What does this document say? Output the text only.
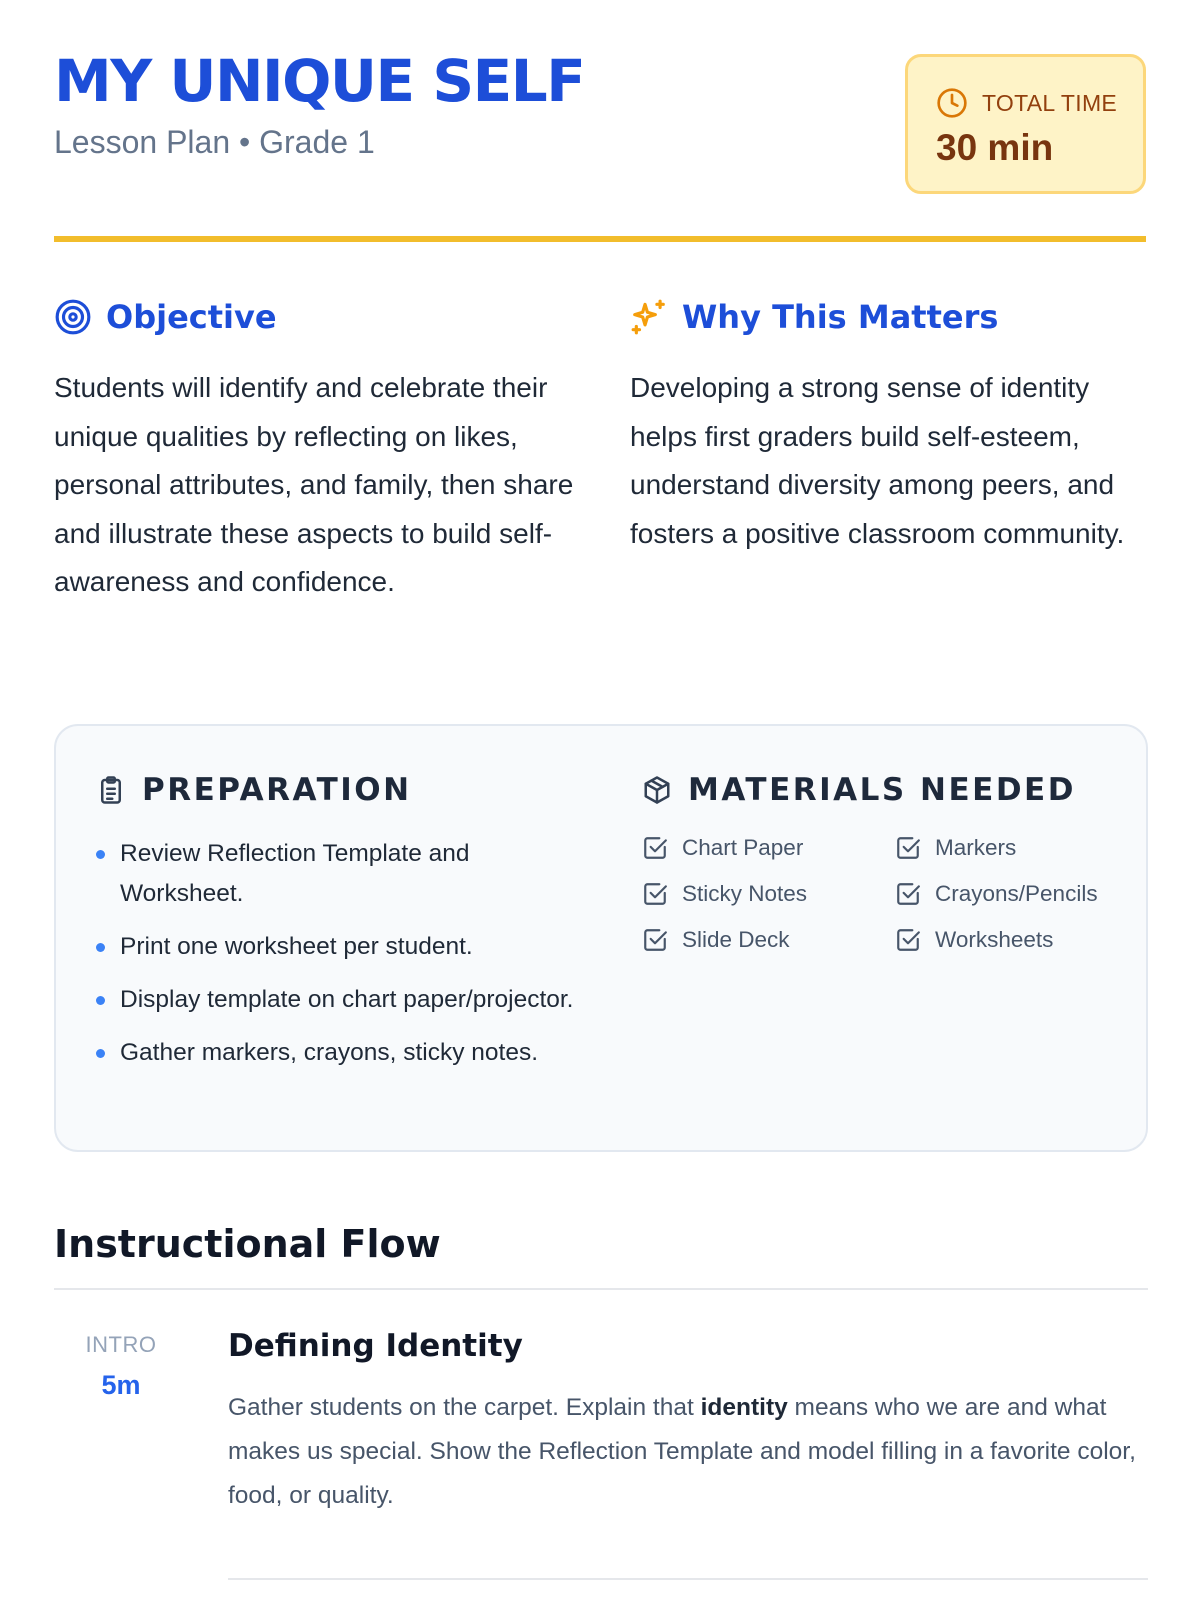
MY UNIQUE SELF
Lesson Plan • Grade 1
TOTAL TIME
30 min
Objective

Students will identify and celebrate their unique qualities by reflecting on likes, personal attributes, and family, then share and illustrate these aspects to build self-awareness and confidence.

Why This Matters

Developing a strong sense of identity helps first graders build self-esteem, understand diversity among peers, and fosters a positive classroom community.

PREPARATION
Review Reflection Template and Worksheet.
Print one worksheet per student.
Display template on chart paper/projector.
Gather markers, crayons, sticky notes.
MATERIALS NEEDED
Chart Paper	Markers
Sticky Notes	Crayons/Pencils
Slide Deck	Worksheets
Instructional Flow
INTRO
5m
Defining Identity

Gather students on the carpet. Explain that identity means who we are and what makes us special. Show the Reflection Template and model filling in a favorite color, food, or quality.
